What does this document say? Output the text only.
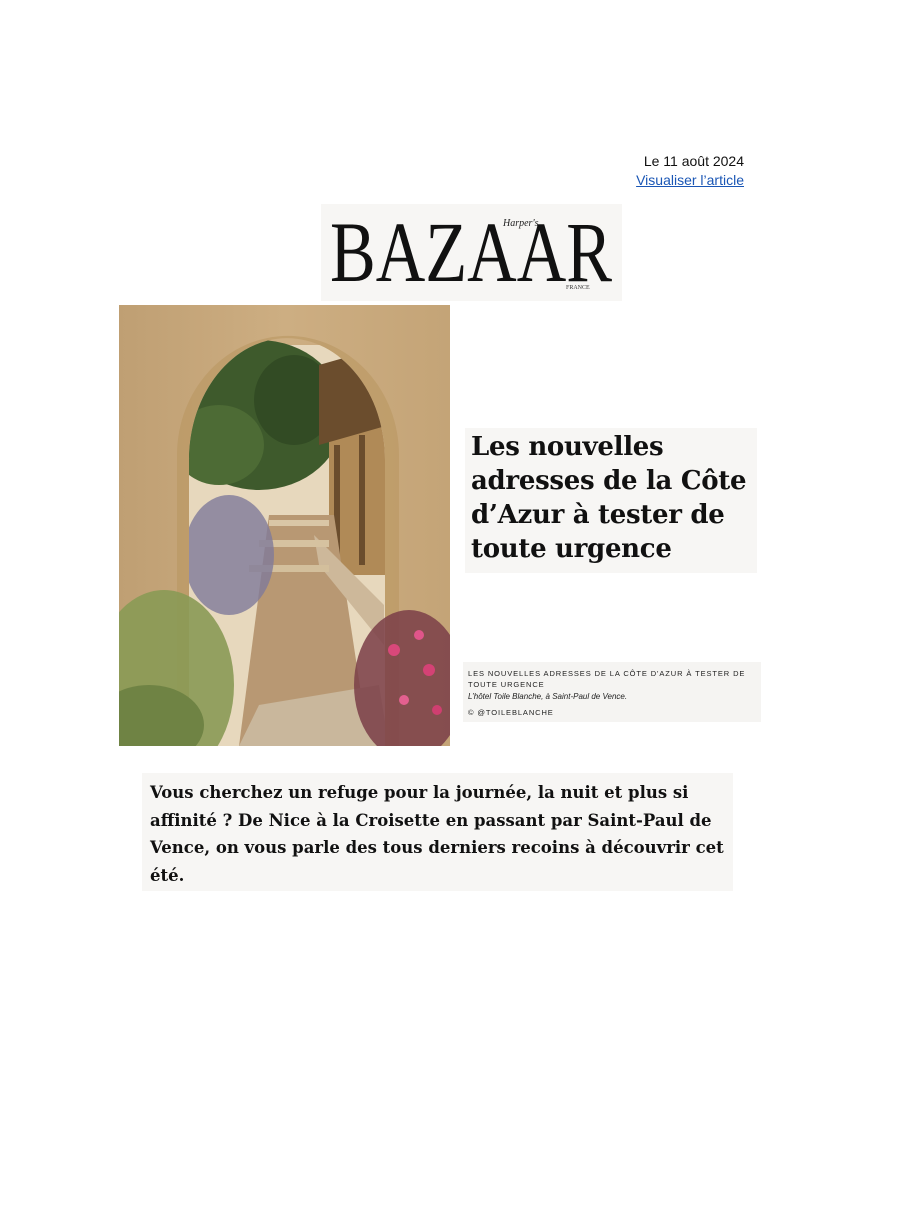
Le 11 août 2024
Visualiser l’article
BAZAAR
Harper's
FRANCE
Les nouvelles adresses de la Côte d’Azur à tester de toute urgence
LES NOUVELLES ADRESSES DE LA CÔTE D'AZUR À TESTER DE TOUTE URGENCE
L’hôtel Toile Blanche, à Saint-Paul de Vence.
© @TOILEBLANCHE

Vous cherchez un refuge pour la journée, la nuit et plus si affinité ? De Nice à la Croisette en passant par Saint-Paul de Vence, on vous parle des tous derniers recoins à découvrir cet été.
